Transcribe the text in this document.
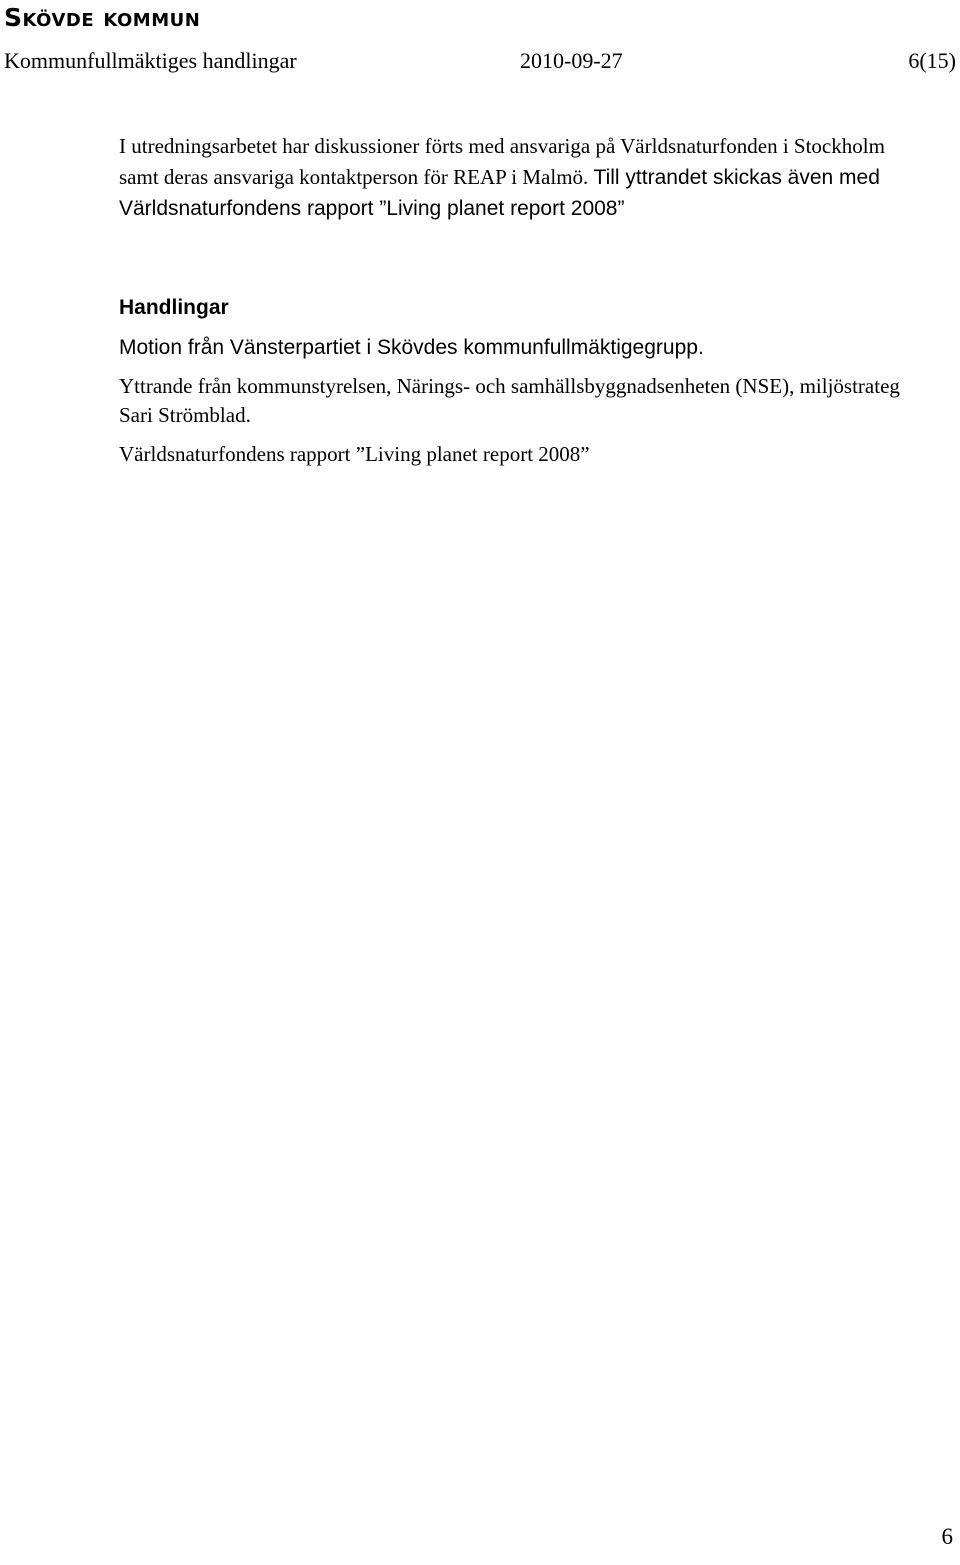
Skövde kommun
Kommunfullmäktiges handlingar	2010-09-27	6(15)

I utredningsarbetet har diskussioner förts med ansvariga på Världsnaturfonden i Stockholm samt deras ansvariga kontaktperson för REAP i Malmö. Till yttrandet skickas även med Världsnaturfondens rapport ”Living planet report 2008”

Handlingar
Motion från Vänsterpartiet i Skövdes kommunfullmäktigegrupp.
Yttrande från kommunstyrelsen, Närings- och samhällsbyggnadsenheten (NSE), miljöstrateg Sari Strömblad.
Världsnaturfondens rapport ”Living planet report 2008”
6
